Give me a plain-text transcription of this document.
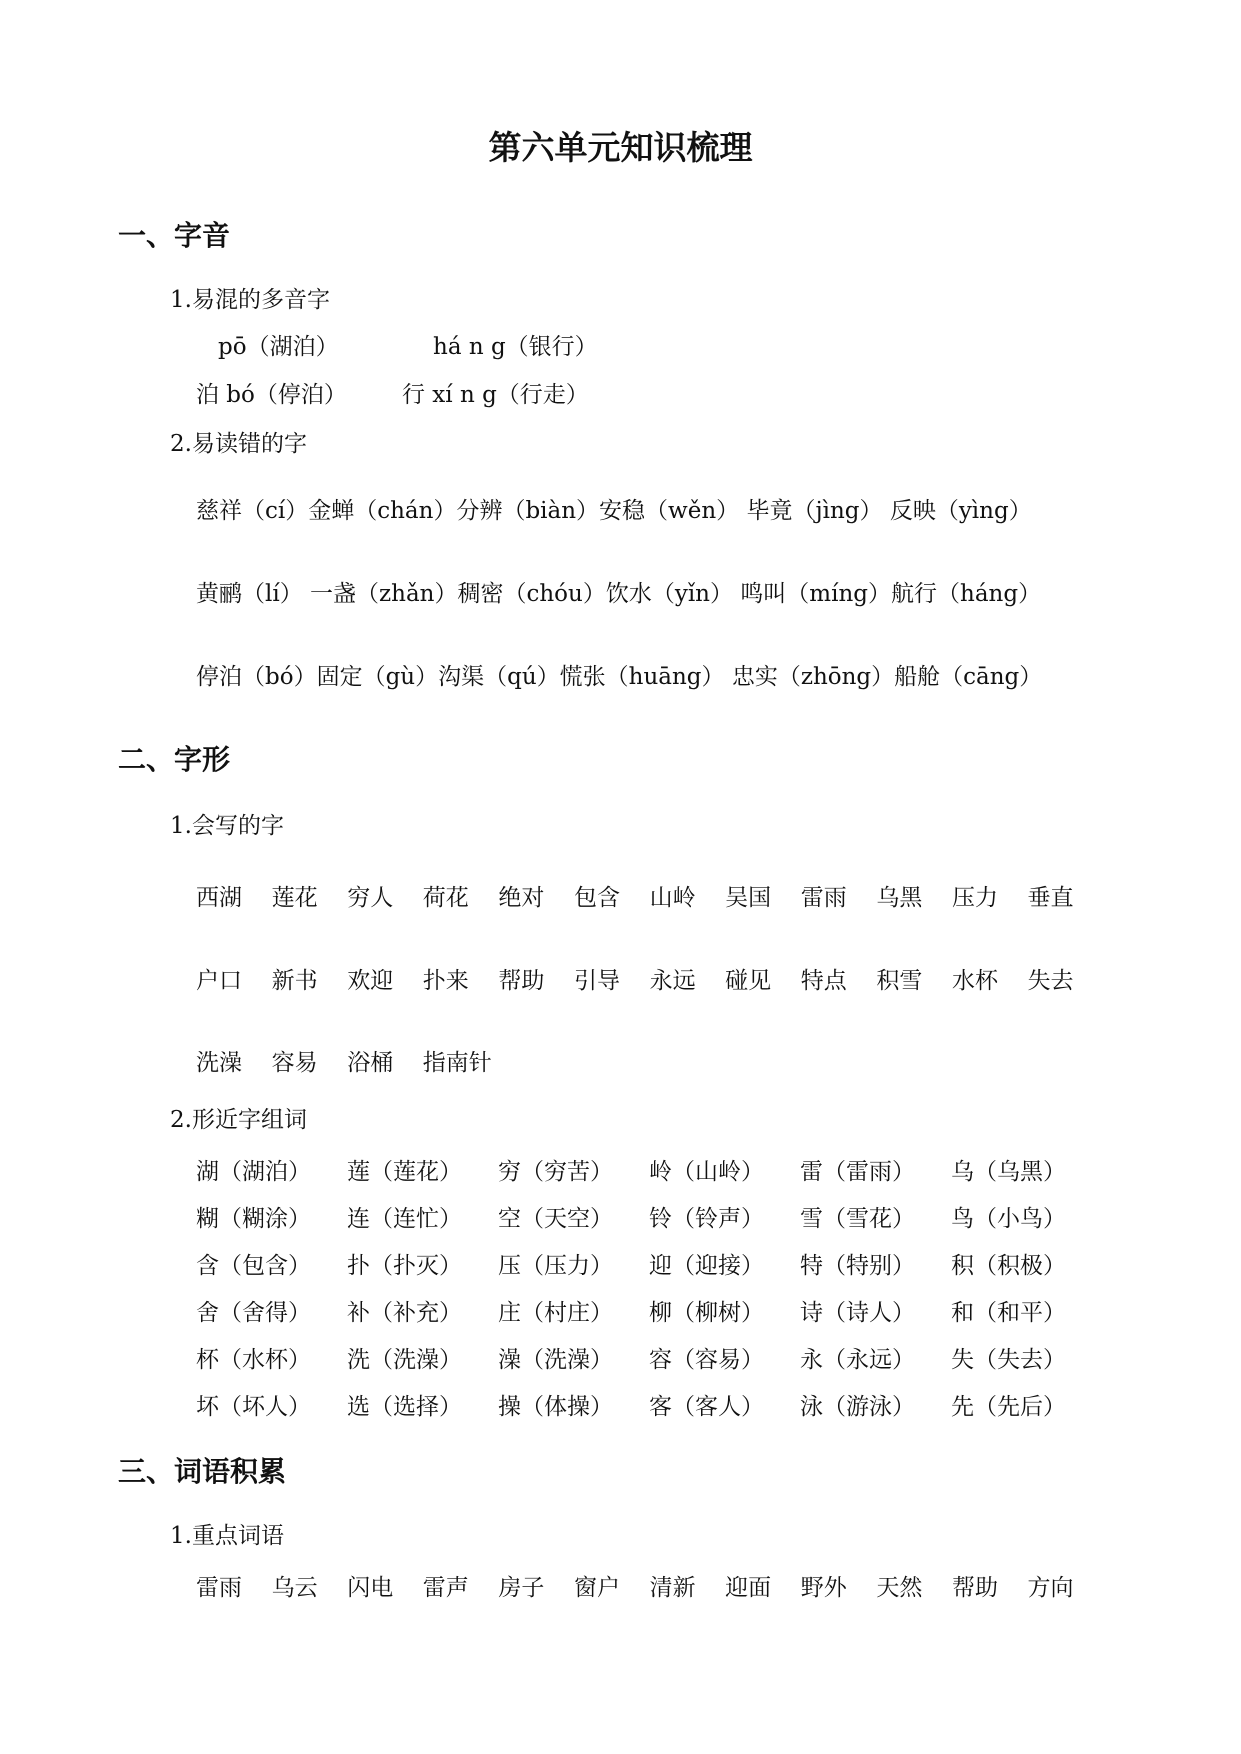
第六单元知识梳理
一、字音
1.易混的多音字
pō（湖泊）	há n g（银行）
泊 bó（停泊） 行 xí n g（行走）
2.易读错的字
慈祥（cí）金蝉（chán）分辨（biàn）安稳（wěn） 毕竟（jìng） 反映（yìng）
黄鹂（lí） 一盏（zhǎn）稠密（chóu）饮水（yǐn） 鸣叫（míng）航行（háng）
停泊（bó）固定（gù）沟渠（qú）慌张（huāng） 忠实（zhōng）船舱（cāng）
二、字形
1.会写的字
西湖	莲花	穷人	荷花	绝对	包含	山岭	吴国	雷雨	乌黑	压力	垂直
户口	新书	欢迎	扑来	帮助	引导	永远	碰见	特点	积雪	水杯	失去
洗澡	容易	浴桶	指南针
2.形近字组词
湖（湖泊）	莲（莲花）	穷（穷苦）	岭（山岭）	雷（雷雨）	乌（乌黑）
糊（糊涂）	连（连忙）	空（天空）	铃（铃声）	雪（雪花）	鸟（小鸟）
含（包含）	扑（扑灭）	压（压力）	迎（迎接）	特（特别）	积（积极）
舍（舍得）	补（补充）	庄（村庄）	柳（柳树）	诗（诗人）	和（和平）
杯（水杯）	洗（洗澡）	澡（洗澡）	容（容易）	永（永远）	失（失去）
坏（坏人）	选（选择）	操（体操）	客（客人）	泳（游泳）	先（先后）
三、词语积累
1.重点词语
雷雨	乌云	闪电	雷声	房子	窗户	清新	迎面	野外	天然	帮助	方向
